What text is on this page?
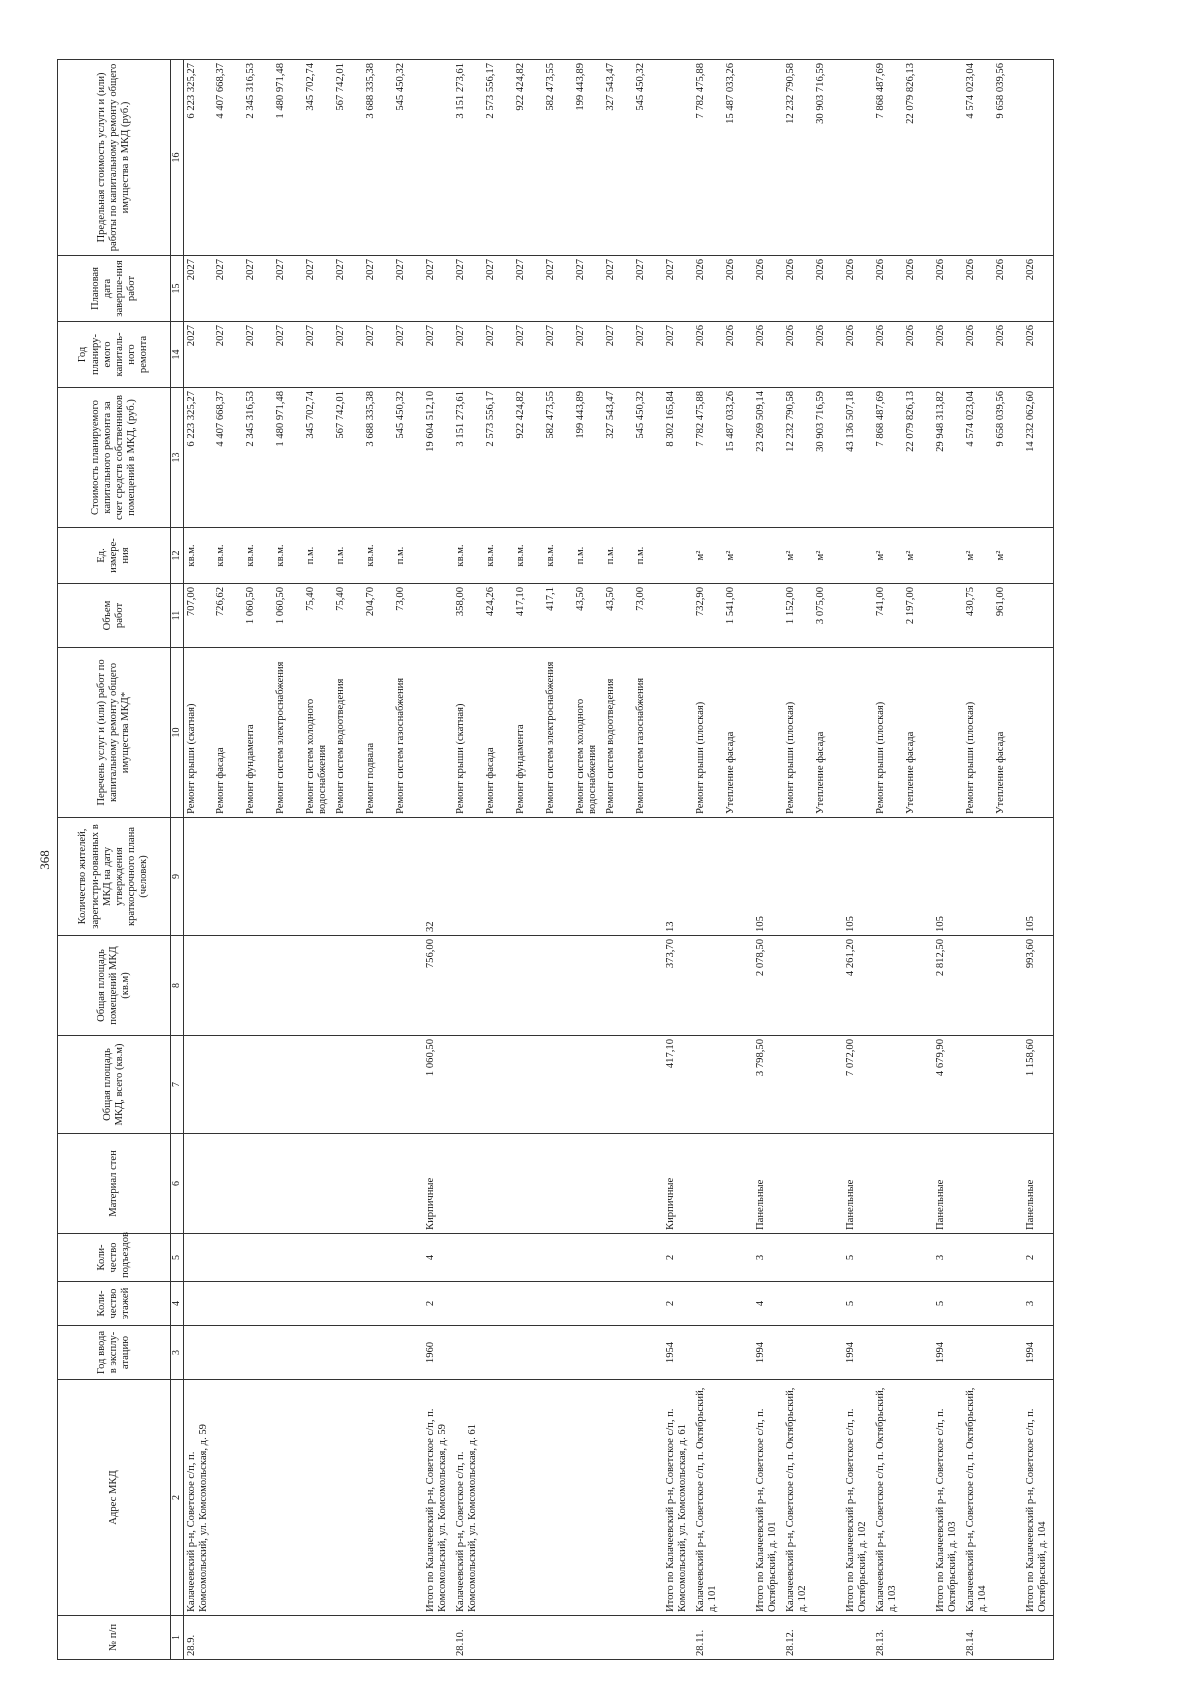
368
№ п/п	Адрес МКД	Год ввода в эксплу-атацию	Коли-чество этажей	Коли-чество подъездов	Материал стен	Общая площадь МКД, всего (кв.м)	Общая площадь помещений МКД (кв.м)	Количество жителей, зарегистри-рованных в МКД на дату утверждения краткосрочного плана (человек)	Перечень услуг и (или) работ по капитальному ремонту общего имущества МКД*	Объем работ	Ед. измере-ния	Стоимость планируемого капитального ремонта за счет средств собственников помещений в МКД, (руб.)	Год планиру-емого капиталь-ного ремонта	Плановая дата заверше-ния работ	Предельная стоимость услуги и (или) работы по капитальному ремонту общего имущества в МКД (руб.)
1	2	3	4	5	6	7	8	9	10	11	12	13	14	15	16
28.9.	Калачеевский р-н, Советское с/п, п. Комсомольский, ул. Комсомольская, д. 59								Ремонт крыши (скатная)	707,00	кв.м.	6 223 325,27	2027	2027	6 223 325,27
									Ремонт фасада	726,62	кв.м.	4 407 668,37	2027	2027	4 407 668,37
									Ремонт фундамента	1 060,50	кв.м.	2 345 316,53	2027	2027	2 345 316,53
									Ремонт систем электроснабжения	1 060,50	кв.м.	1 480 971,48	2027	2027	1 480 971,48
									Ремонт систем холодного водоснабжения	75,40	п.м.	345 702,74	2027	2027	345 702,74
									Ремонт систем водоотведения	75,40	п.м.	567 742,01	2027	2027	567 742,01
									Ремонт подвала	204,70	кв.м.	3 688 335,38	2027	2027	3 688 335,38
									Ремонт систем газоснабжения	73,00	п.м.	545 450,32	2027	2027	545 450,32
	Итого по Калачеевский р-н, Советское с/п, п. Комсомольский, ул. Комсомольская, д. 59	1960	2	4	Кирпичные	1 060,50	756,00	32				19 604 512,10	2027	2027	
28.10.	Калачеевский р-н, Советское с/п, п. Комсомольский, ул. Комсомольская, д. 61								Ремонт крыши (скатная)	358,00	кв.м.	3 151 273,61	2027	2027	3 151 273,61
									Ремонт фасада	424,26	кв.м.	2 573 556,17	2027	2027	2 573 556,17
									Ремонт фундамента	417,10	кв.м.	922 424,82	2027	2027	922 424,82
									Ремонт систем электроснабжения	417,1	кв.м.	582 473,55	2027	2027	582 473,55
									Ремонт систем холодного водоснабжения	43,50	п.м.	199 443,89	2027	2027	199 443,89
									Ремонт систем водоотведения	43,50	п.м.	327 543,47	2027	2027	327 543,47
									Ремонт систем газоснабжения	73,00	п.м.	545 450,32	2027	2027	545 450,32
	Итого по Калачеевский р-н, Советское с/п, п. Комсомольский, ул. Комсомольская, д. 61	1954	2	2	Кирпичные	417,10	373,70	13				8 302 165,84	2027	2027	
28.11.	Калачеевский р-н, Советское с/п, п. Октябрьский, д. 101								Ремонт крыши (плоская)	732,90	м²	7 782 475,88	2026	2026	7 782 475,88
									Утепление фасада	1 541,00	м²	15 487 033,26	2026	2026	15 487 033,26
	Итого по Калачеевский р-н, Советское с/п, п. Октябрьский, д. 101	1994	4	3	Панельные	3 798,50	2 078,50	105				23 269 509,14	2026	2026	
28.12.	Калачеевский р-н, Советское с/п, п. Октябрьский, д. 102								Ремонт крыши (плоская)	1 152,00	м²	12 232 790,58	2026	2026	12 232 790,58
									Утепление фасада	3 075,00	м²	30 903 716,59	2026	2026	30 903 716,59
	Итого по Калачеевский р-н, Советское с/п, п. Октябрьский, д. 102	1994	5	5	Панельные	7 072,00	4 261,20	105				43 136 507,18	2026	2026	
28.13.	Калачеевский р-н, Советское с/п, п. Октябрьский, д. 103								Ремонт крыши (плоская)	741,00	м²	7 868 487,69	2026	2026	7 868 487,69
									Утепление фасада	2 197,00	м²	22 079 826,13	2026	2026	22 079 826,13
	Итого по Калачеевский р-н, Советское с/п, п. Октябрьский, д. 103	1994	5	3	Панельные	4 679,90	2 812,50	105				29 948 313,82	2026	2026	
28.14.	Калачеевский р-н, Советское с/п, п. Октябрьский, д. 104								Ремонт крыши (плоская)	430,75	м²	4 574 023,04	2026	2026	4 574 023,04
									Утепление фасада	961,00	м²	9 658 039,56	2026	2026	9 658 039,56
	Итого по Калачеевский р-н, Советское с/п, п. Октябрьский, д. 104	1994	3	2	Панельные	1 158,60	993,60	105				14 232 062,60	2026	2026	
